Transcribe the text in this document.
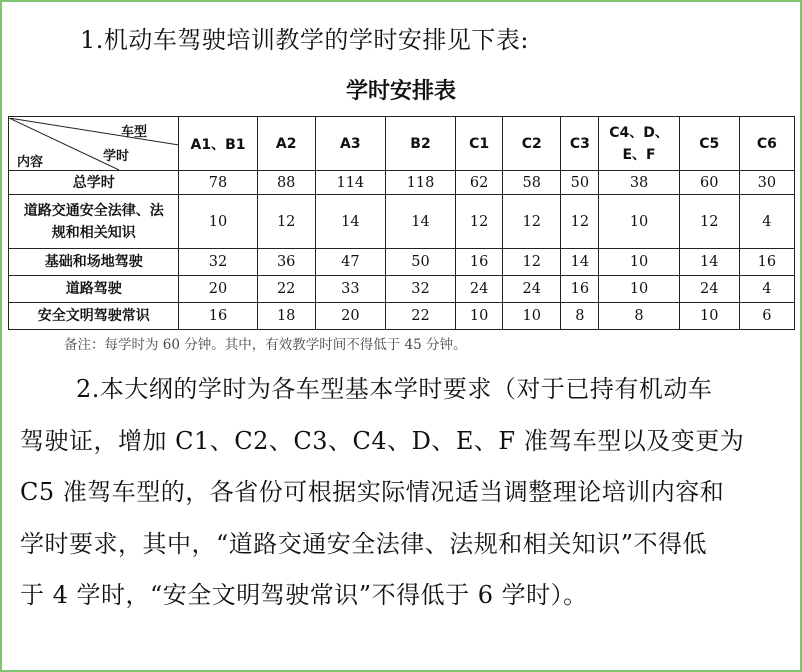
1.机动车驾驶培训教学的学时安排见下表:
学时安排表
车型
学时
内容	A1、B1	A2	A3	B2	C1	C2	C3	C4、D、E、F	C5	C6
总学时	78	88	114	118	62	58	50	38	60	30
道路交通安全法律、法规和相关知识	10	12	14	14	12	12	12	10	12	4
基础和场地驾驶	32	36	47	50	16	12	14	10	14	16
道路驾驶	20	22	33	32	24	24	16	10	24	4
安全文明驾驶常识	16	18	20	22	10	10	8	8	10	6
备注：每学时为 60 分钟。其中，有效教学时间不得低于 45 分钟。
2.本大纲的学时为各车型基本学时要求（对于已持有机动车
驾驶证，增加 C1、C2、C3、C4、D、E、F 准驾车型以及变更为
C5 准驾车型的，各省份可根据实际情况适当调整理论培训内容和
学时要求，其中，“道路交通安全法律、法规和相关知识”不得低
于 4 学时，“安全文明驾驶常识”不得低于 6 学时）。
